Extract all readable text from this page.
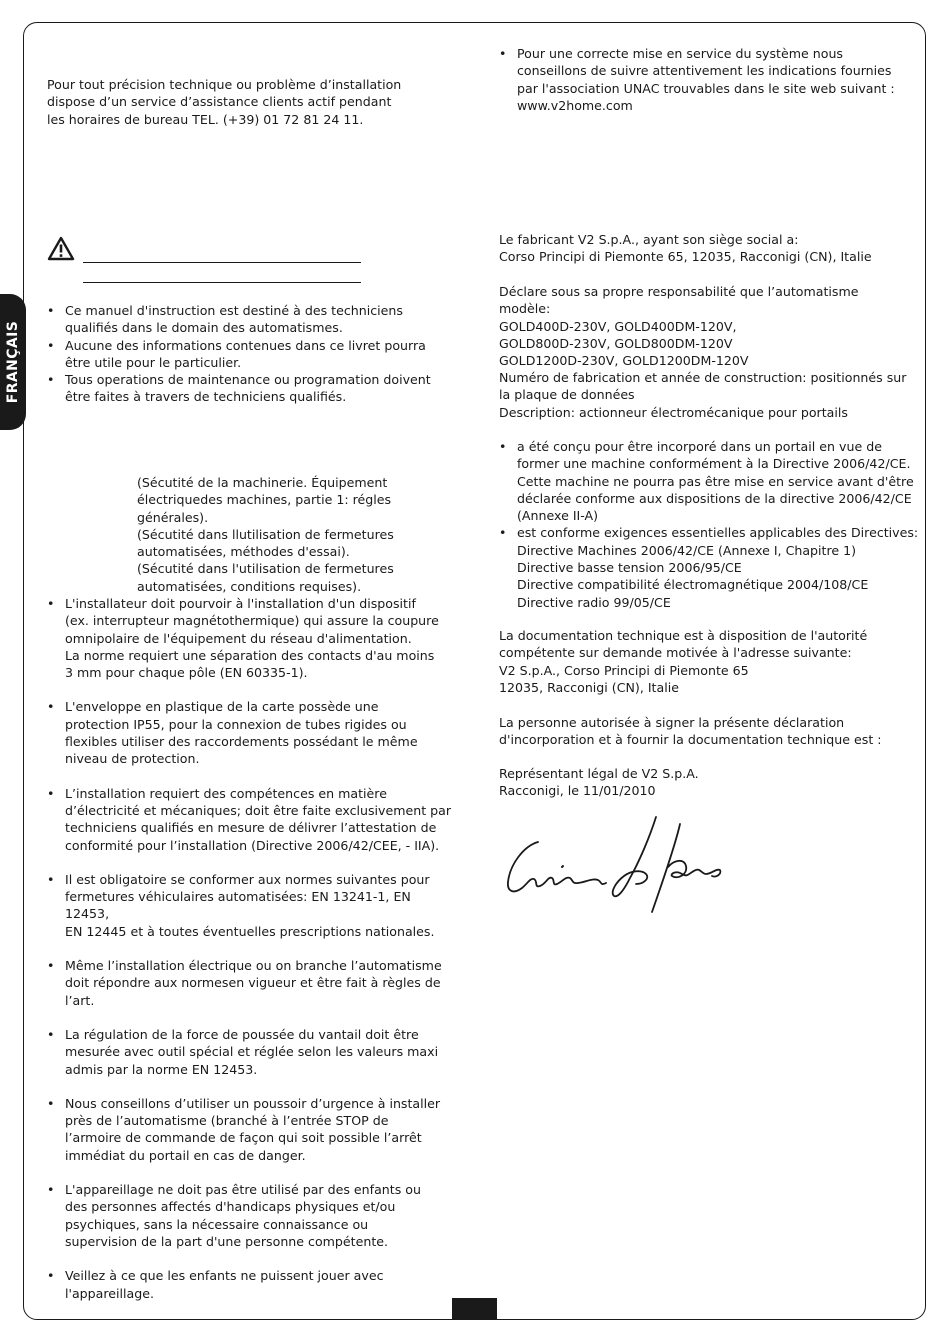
FRANÇAIS
Pour tout précision technique ou problème d’installation
dispose d’un service d’assistance clients actif pendant
les horaires de bureau TEL. (+39) 01 72 81 24 11.
• Ce manuel d'instruction est destiné à des techniciens
qualifiés dans le domain des automatismes.
• Aucune des informations contenues dans ce livret pourra
être utile pour le particulier.
• Tous operations de maintenance ou programation doivent
être faites à travers de techniciens qualifiés.
(Sécutité de la machinerie. Équipement
électriquedes machines, partie 1: régles générales).
(Sécutité dans llutilisation de fermetures
automatisées, méthodes d'essai).
(Sécutité dans l'utilisation de fermetures
automatisées, conditions requises).
• L'installateur doit pourvoir à l'installation d'un dispositif
(ex. interrupteur magnétothermique) qui assure la coupure
omnipolaire de l'équipement du réseau d'alimentation.
La norme requiert une séparation des contacts d'au moins
3 mm pour chaque pôle (EN 60335-1).
• L'enveloppe en plastique de la carte possède une
protection IP55, pour la connexion de tubes rigides ou
flexibles utiliser des raccordements possédant le même
niveau de protection.
• L’installation requiert des compétences en matière
d’électricité et mécaniques; doit être faite exclusivement par
techniciens qualifiés en mesure de délivrer l’attestation de
conformité pour l’installation (Directive 2006/42/CEE, - IIA).
• Il est obligatoire se conformer aux normes suivantes pour
fermetures véhiculaires automatisées: EN 13241-1, EN 12453,
EN 12445 et à toutes éventuelles prescriptions nationales.
• Même l’installation électrique ou on branche l’automatisme
doit répondre aux normesen vigueur et être fait à règles de
l’art.
• La régulation de la force de poussée du vantail doit être
mesurée avec outil spécial et réglée selon les valeurs maxi
admis par la norme EN 12453.
• Nous conseillons d’utiliser un poussoir d’urgence à installer
près de l’automatisme (branché à l’entrée STOP de
l’armoire de commande de façon qui soit possible l’arrêt
immédiat du portail en cas de danger.
• L'appareillage ne doit pas être utilisé par des enfants ou
des personnes affectés d'handicaps physiques et/ou
psychiques, sans la nécessaire connaissance ou
supervision de la part d'une personne compétente.
• Veillez à ce que les enfants ne puissent jouer avec
l'appareillage.
• Pour une correcte mise en service du système nous
conseillons de suivre attentivement les indications fournies
par l'association UNAC trouvables dans le site web suivant :
www.v2home.com
Le fabricant V2 S.p.A., ayant son siège social a:
Corso Principi di Piemonte 65, 12035, Racconigi (CN), Italie
Déclare sous sa propre responsabilité que l’automatisme modèle:
GOLD400D-230V, GOLD400DM-120V,
GOLD800D-230V, GOLD800DM-120V
GOLD1200D-230V, GOLD1200DM-120V
Numéro de fabrication et année de construction: positionnés sur
la plaque de données
Description: actionneur électromécanique pour portails
• a été conçu pour être incorporé dans un portail en vue de
former une machine conformément à la Directive 2006/42/CE.
Cette machine ne pourra pas être mise en service avant d'être
déclarée conforme aux dispositions de la directive 2006/42/CE
(Annexe II-A)
• est conforme exigences essentielles applicables des Directives:
Directive Machines 2006/42/CE (Annexe I, Chapitre 1)
Directive basse tension 2006/95/CE
Directive compatibilité électromagnétique 2004/108/CE
Directive radio 99/05/CE
La documentation technique est à disposition de l'autorité
compétente sur demande motivée à l'adresse suivante:
V2 S.p.A., Corso Principi di Piemonte 65
12035, Racconigi (CN), Italie
La personne autorisée à signer la présente déclaration
d'incorporation et à fournir la documentation technique est :
Représentant légal de V2 S.p.A.
Racconigi, le 11/01/2010
